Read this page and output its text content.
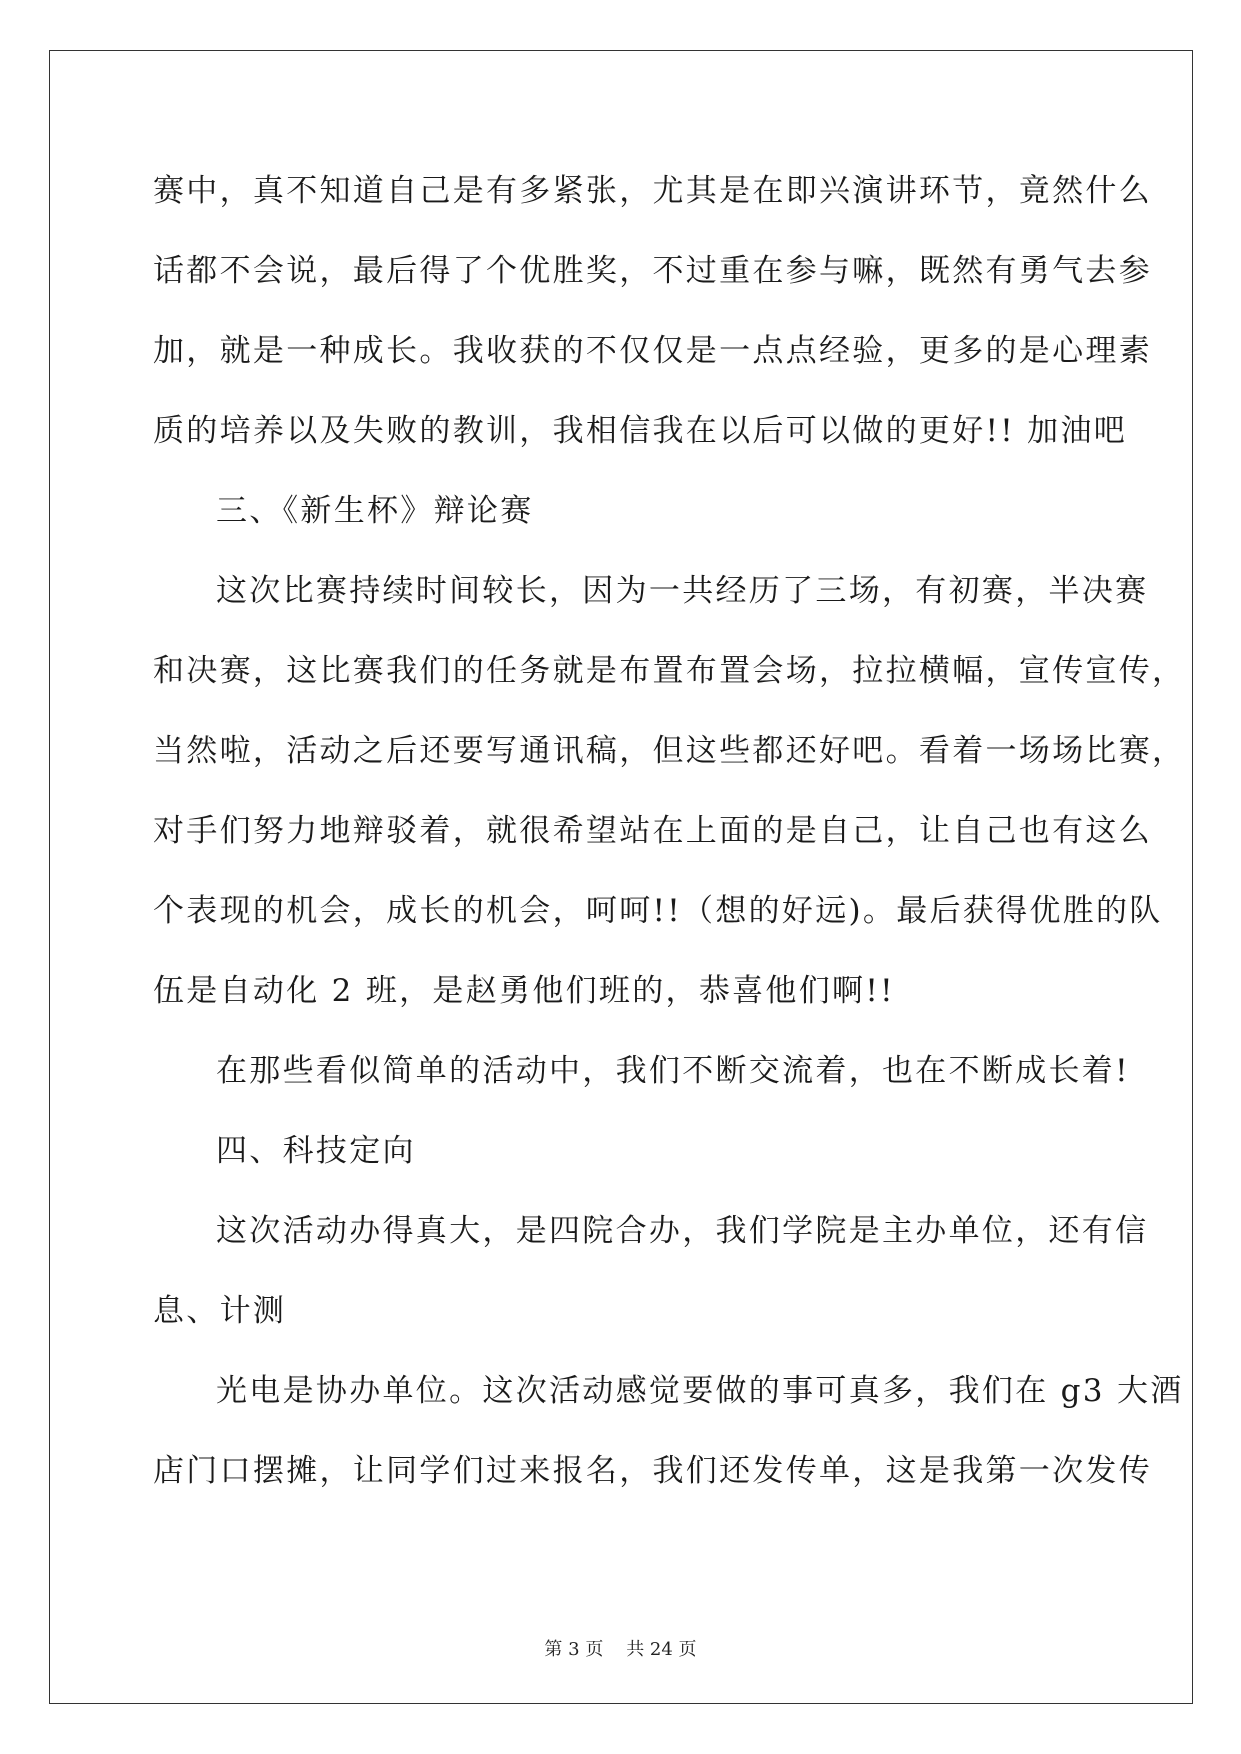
赛中，真不知道自己是有多紧张，尤其是在即兴演讲环节，竟然什么
话都不会说，最后得了个优胜奖，不过重在参与嘛，既然有勇气去参
加，就是一种成长。我收获的不仅仅是一点点经验，更多的是心理素
质的培养以及失败的教训，我相信我在以后可以做的更好!! 加油吧
三、《新生杯》辩论赛
这次比赛持续时间较长，因为一共经历了三场，有初赛，半决赛
和决赛，这比赛我们的任务就是布置布置会场，拉拉横幅，宣传宣传，
当然啦，活动之后还要写通讯稿，但这些都还好吧。看着一场场比赛，
对手们努力地辩驳着，就很希望站在上面的是自己，让自己也有这么
个表现的机会，成长的机会，呵呵!!（想的好远)。最后获得优胜的队
伍是自动化 2 班，是赵勇他们班的，恭喜他们啊!!
在那些看似简单的活动中，我们不断交流着，也在不断成长着!
四、科技定向
这次活动办得真大，是四院合办，我们学院是主办单位，还有信
息、计测
光电是协办单位。这次活动感觉要做的事可真多，我们在 g3 大酒
店门口摆摊，让同学们过来报名，我们还发传单，这是我第一次发传
第 3 页    共 24 页
